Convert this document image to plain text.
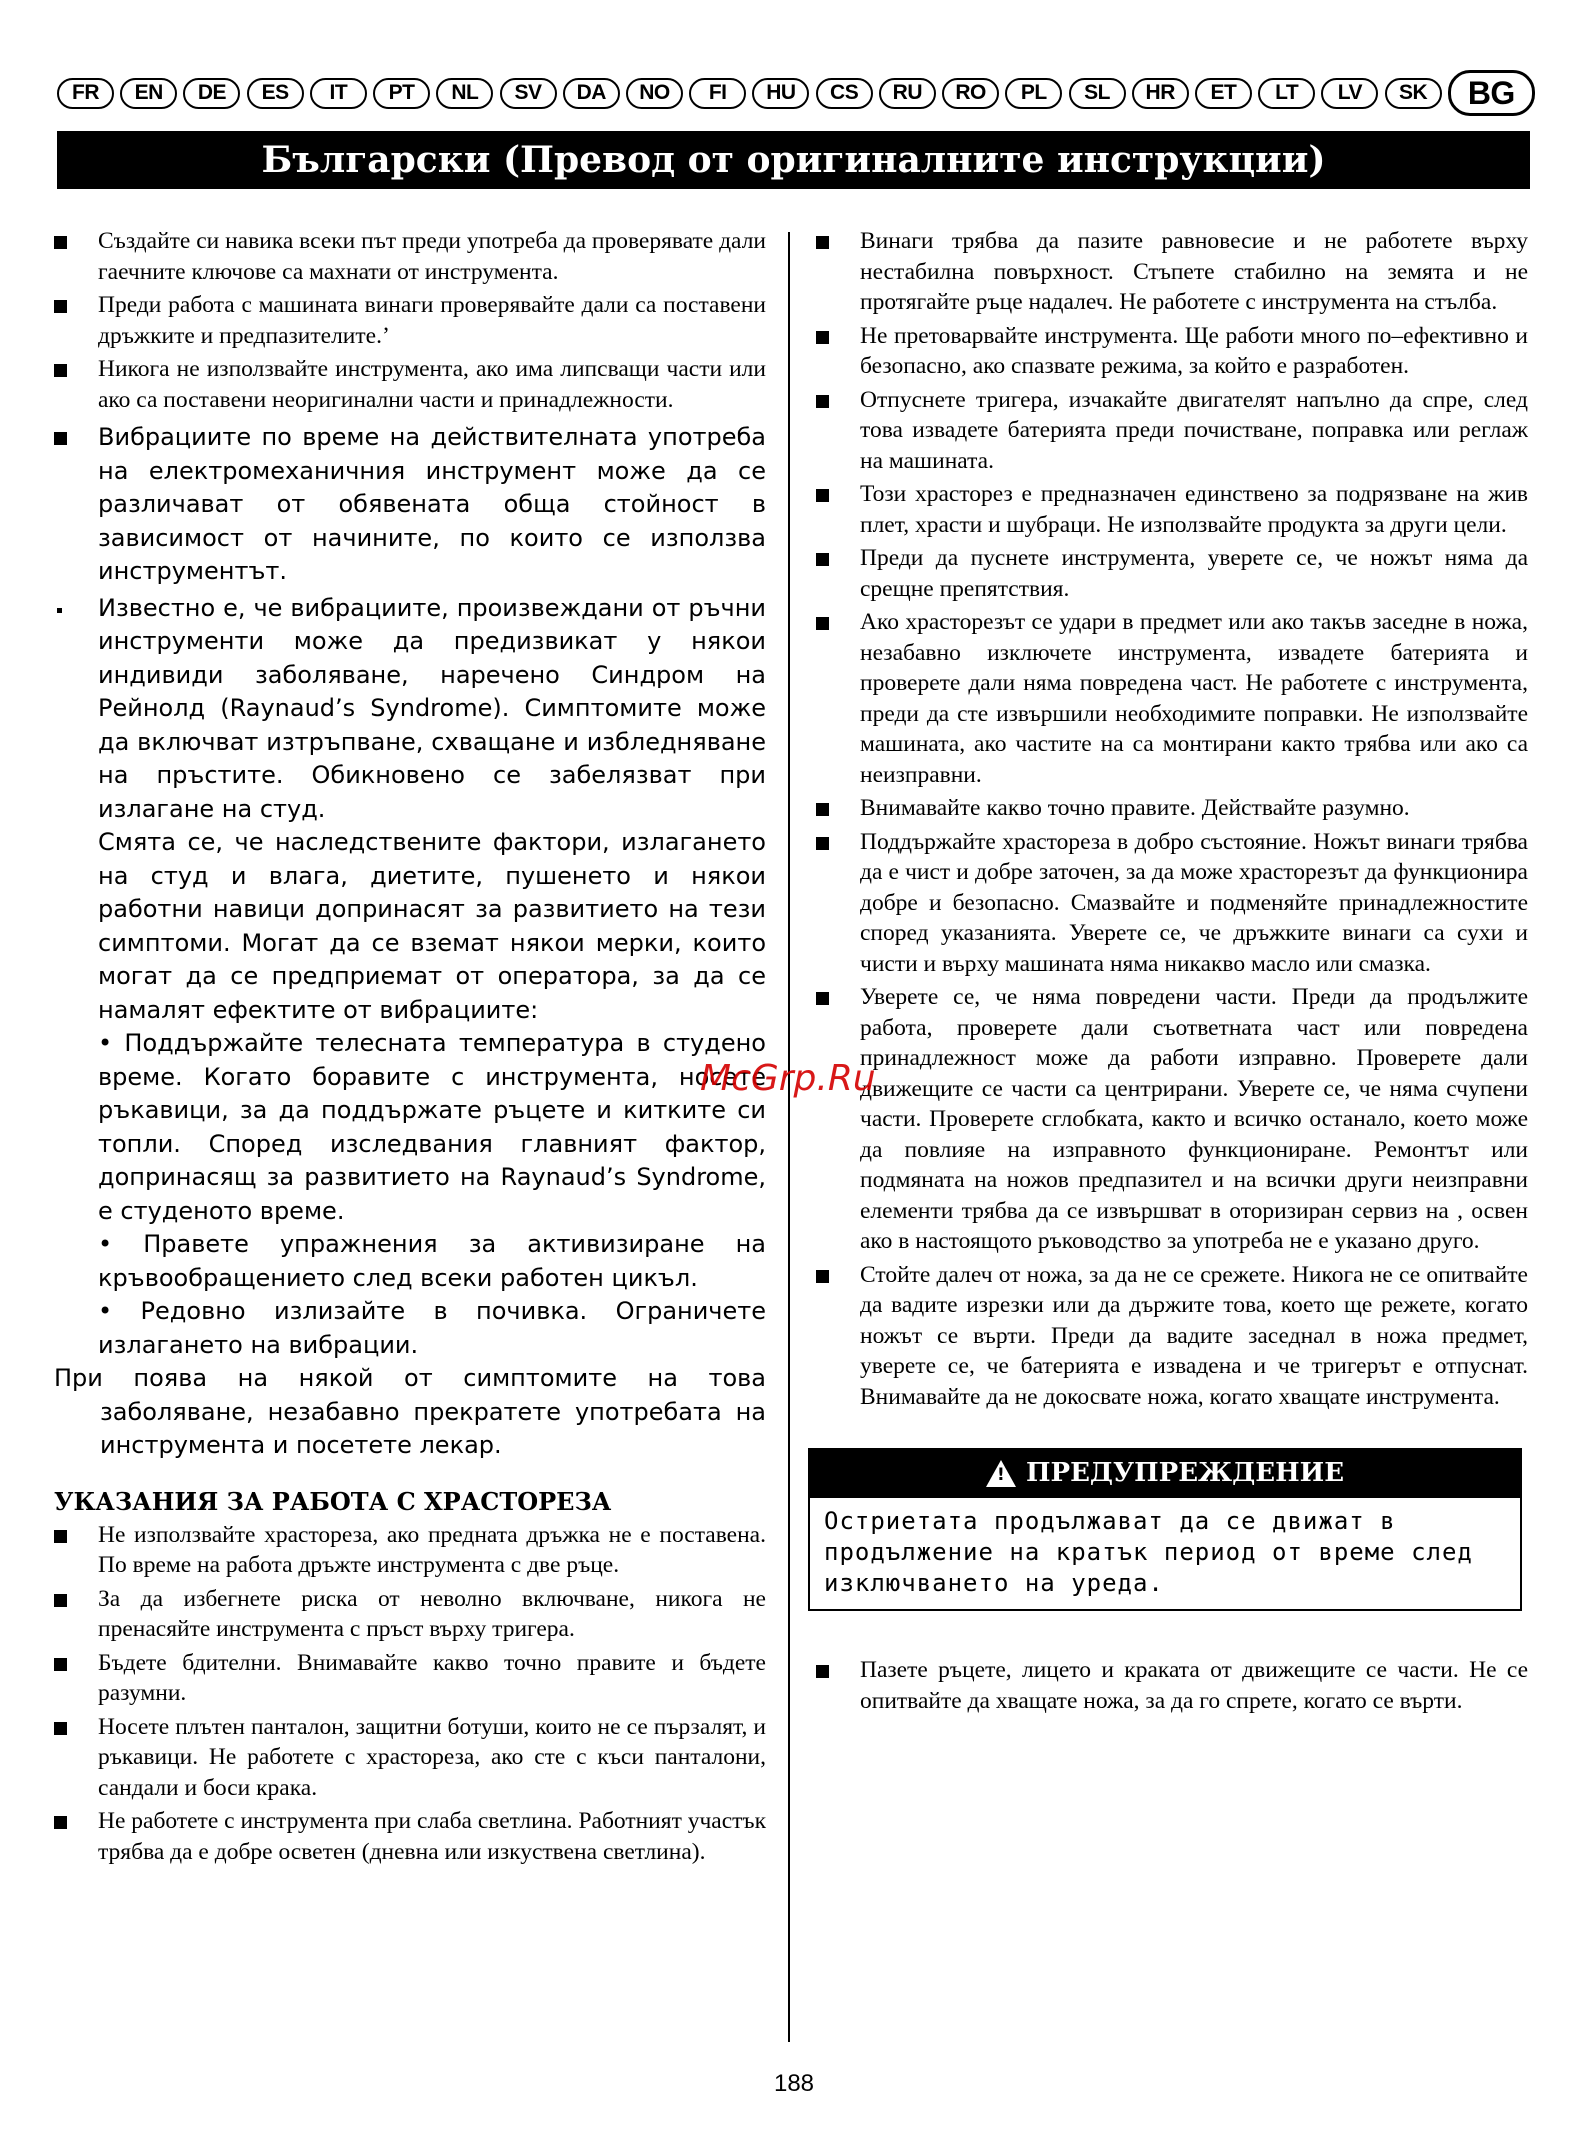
FR	EN	DE	ES	IT	PT	NL	SV	DA	NO	FI	HU	CS	RU	RO	PL	SL	HR	ET	LT	LV	SK	BG
Български (Превод от оригиналните инструкции)
Създайте си навика всеки път преди употреба да проверявате дали гаечните ключове са махнати от инструмента.
Преди работа с машината винаги проверявайте дали са поставени дръжките и предпазителите.’
Никога не използвайте инструмента, ако има липсващи части или ако са поставени неоригинални части и принадлежности.
Вибрациите по време на действителната употреба на електромеханичния инструмент може да се различават от обявената обща стойност в зависимост от начините, по които се използва инструментът.
Известно е, че вибрациите, произвеждани от ръчни инструменти може да предизвикат у някои индивиди заболяване, наречено Синдром на Рейнолд (Raynaud’s Syndrome). Симптомите може да включват изтръпване, схващане и избледняване на пръстите. Обикновено се забелязват при излагане на студ.
Смята се, че наследствените фактори, излагането на студ и влага, диетите, пушенето и някои работни навици допринасят за развитието на тези симптоми. Могат да се вземат някои мерки, които могат да се предприемат от оператора, за да се намалят ефектите от вибрациите:
• Поддържайте телесната температура в студено време. Когато боравите с инструмента, носете ръкавици, за да поддържате ръцете и китките си топли. Според изследвания главният фактор, допринасящ за развитието на Raynaud’s Syndrome, е студеното време.
• Правете упражнения за активизиране на кръвообращението след всеки работен цикъл.
• Редовно излизайте в почивка. Ограничете излагането на вибрации.
При поява на някой от симптомите на това заболяване, незабавно прекратете употребата на инструмента и посетете лекар.
УКАЗАНИЯ ЗА РАБОТА С ХРАСТОРЕЗА
Не използвайте храстореза, ако предната дръжка не е поставена. По време на работа дръжте инструмента с две ръце.
За да избегнете риска от неволно включване, никога не пренасяйте инструмента с пръст върху тригера.
Бъдете бдителни. Внимавайте какво точно правите и бъдете разумни.
Носете плътен панталон, защитни ботуши, които не се пързалят, и ръкавици. Не работете с храстореза, ако сте с къси панталони, сандали и боси крака.
Не работете с инструмента при слаба светлина. Работният участък трябва да е добре осветен (дневна или изкуствена светлина).
Винаги трябва да пазите равновесие и не работете върху нестабилна повърхност. Стъпете стабилно на земята и не протягайте ръце надалеч. Не работете с инструмента на стълба.
Не претоварвайте инструмента. Ще работи много по–ефективно и безопасно, ако спазвате режима, за който е разработен.
Отпуснете тригера, изчакайте двигателят напълно да спре, след това извадете батерията преди почистване, поправка или реглаж на машината.
Този храсторез е предназначен единствено за подрязване на жив плет, храсти и шубраци. Не използвайте продукта за други цели.
Преди да пуснете инструмента, уверете се, че ножът няма да срещне препятствия.
Ако храсторезът се удари в предмет или ако такъв заседне в ножа, незабавно изключете инструмента, извадете батерията и проверете дали няма повредена част. Не работете с инструмента, преди да сте извършили необходимите поправки. Не използвайте машината, ако частите на са монтирани както трябва или ако са неизправни.
Внимавайте какво точно правите. Действайте разумно.
Поддържайте храстореза в добро състояние. Ножът винаги трябва да е чист и добре заточен, за да може храсторезът да функционира добре и безопасно. Смазвайте и подменяйте принадлежностите според указанията. Уверете се, че дръжките винаги са сухи и чисти и върху машината няма никакво масло или смазка.
Уверете се, че няма повредени части. Преди да продължите работа, проверете дали съответната част или повредена принадлежност може да работи изправно. Проверете дали движещите се части са центрирани. Уверете се, че няма счупени части. Проверете сглобката, както и всичко останало, което може да повлияе на изправното функциониране. Ремонтът или подмяната на ножов предпазител и на всички други неизправни елементи трябва да се извършват в оторизиран сервиз на , освен ако в настоящото ръководство за употреба не е указано друго.
Стойте далеч от ножа, за да не се срежете. Никога не се опитвайте да вадите изрезки или да държите това, което ще режете, когато ножът се върти. Преди да вадите заседнал в ножа предмет, уверете се, че батерията е извадена и че тригерът е отпуснат. Внимавайте да не докосвате ножа, когато хващате инструмента.
! ПРЕДУПРЕЖДЕНИЕ
Остриетата продължават да се движат в продължение на кратък период от време след изключването на уреда.
Пазете ръцете, лицето и краката от движещите се части. Не се опитвайте да хващате ножа, за да го спрете, когато се върти.
McGrp.Ru
188
